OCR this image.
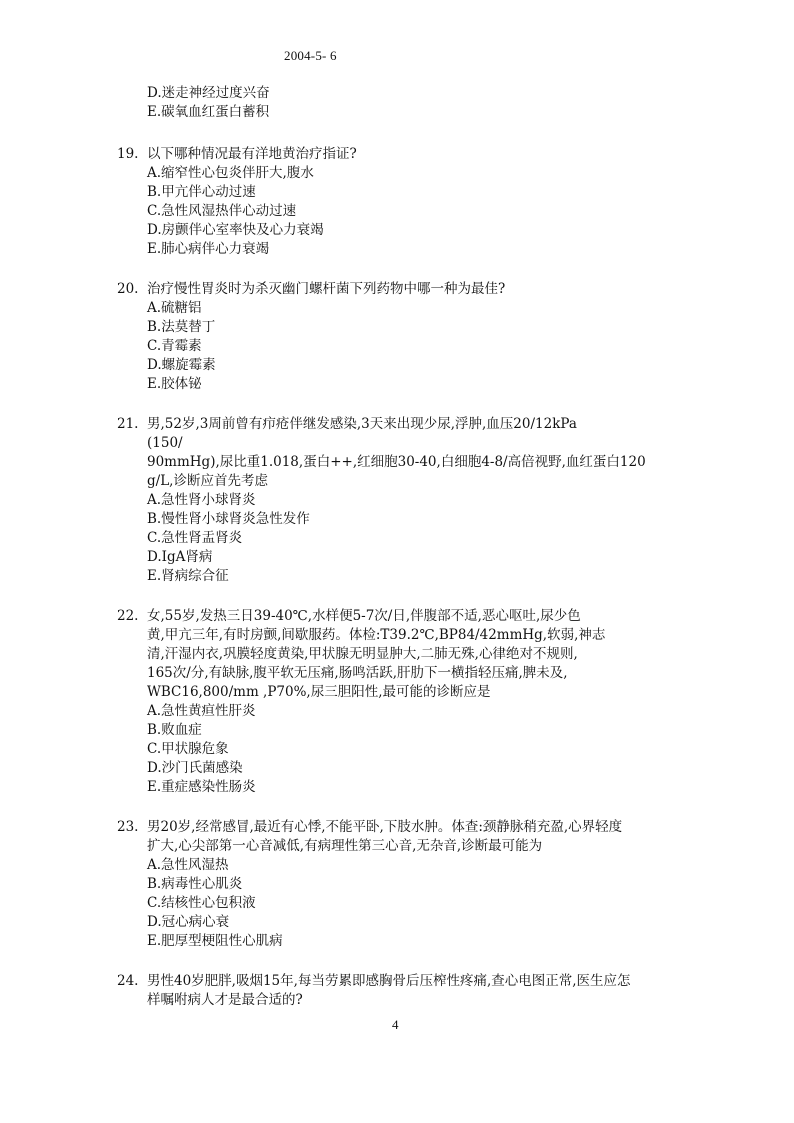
2004-5- 6
D.迷走神经过度兴奋
E.碳氧血红蛋白蓄积
19. 以下哪种情况最有洋地黄治疗指证?
A.缩窄性心包炎伴肝大,腹水
B.甲亢伴心动过速
C.急性风湿热伴心动过速
D.房颤伴心室率快及心力衰竭
E.肺心病伴心力衰竭
20. 治疗慢性胃炎时为杀灭幽门螺杆菌下列药物中哪一种为最佳?
A.硫糖铝
B.法莫替丁
C.青霉素
D.螺旋霉素
E.胶体铋
21. 男,52岁,3周前曾有疖疮伴继发感染,3天来出现少尿,浮肿,血压20/12kPa
(150/
90mmHg),尿比重1.018,蛋白++,红细胞30-40,白细胞4-8/高倍视野,血红蛋白120
g/L,诊断应首先考虑
A.急性肾小球肾炎
B.慢性肾小球肾炎急性发作
C.急性肾盂肾炎
D.IgA肾病
E.肾病综合征
22. 女,55岁,发热三日39-40℃,水样便5-7次/日,伴腹部不适,恶心呕吐,尿少色
黄,甲亢三年,有时房颤,间歇服药。体检:T39.2℃,BP84/42mmHg,软弱,神志
清,汗湿内衣,巩膜轻度黄染,甲状腺无明显肿大,二肺无殊,心律绝对不规则,
165次/分,有缺脉,腹平软无压痛,肠鸣活跃,肝肋下一横指轻压痛,脾未及,
WBC16,800/mm ,P70%,尿三胆阳性,最可能的诊断应是
A.急性黄疸性肝炎
B.败血症
C.甲状腺危象
D.沙门氏菌感染
E.重症感染性肠炎
23. 男20岁,经常感冒,最近有心悸,不能平卧,下肢水肿。体查:颈静脉稍充盈,心界轻度
扩大,心尖部第一心音减低,有病理性第三心音,无杂音,诊断最可能为
A.急性风湿热
B.病毒性心肌炎
C.结核性心包积液
D.冠心病心衰
E.肥厚型梗阻性心肌病
24. 男性40岁肥胖,吸烟15年,每当劳累即感胸骨后压榨性疼痛,查心电图正常,医生应怎
样嘱咐病人才是最合适的?
4
